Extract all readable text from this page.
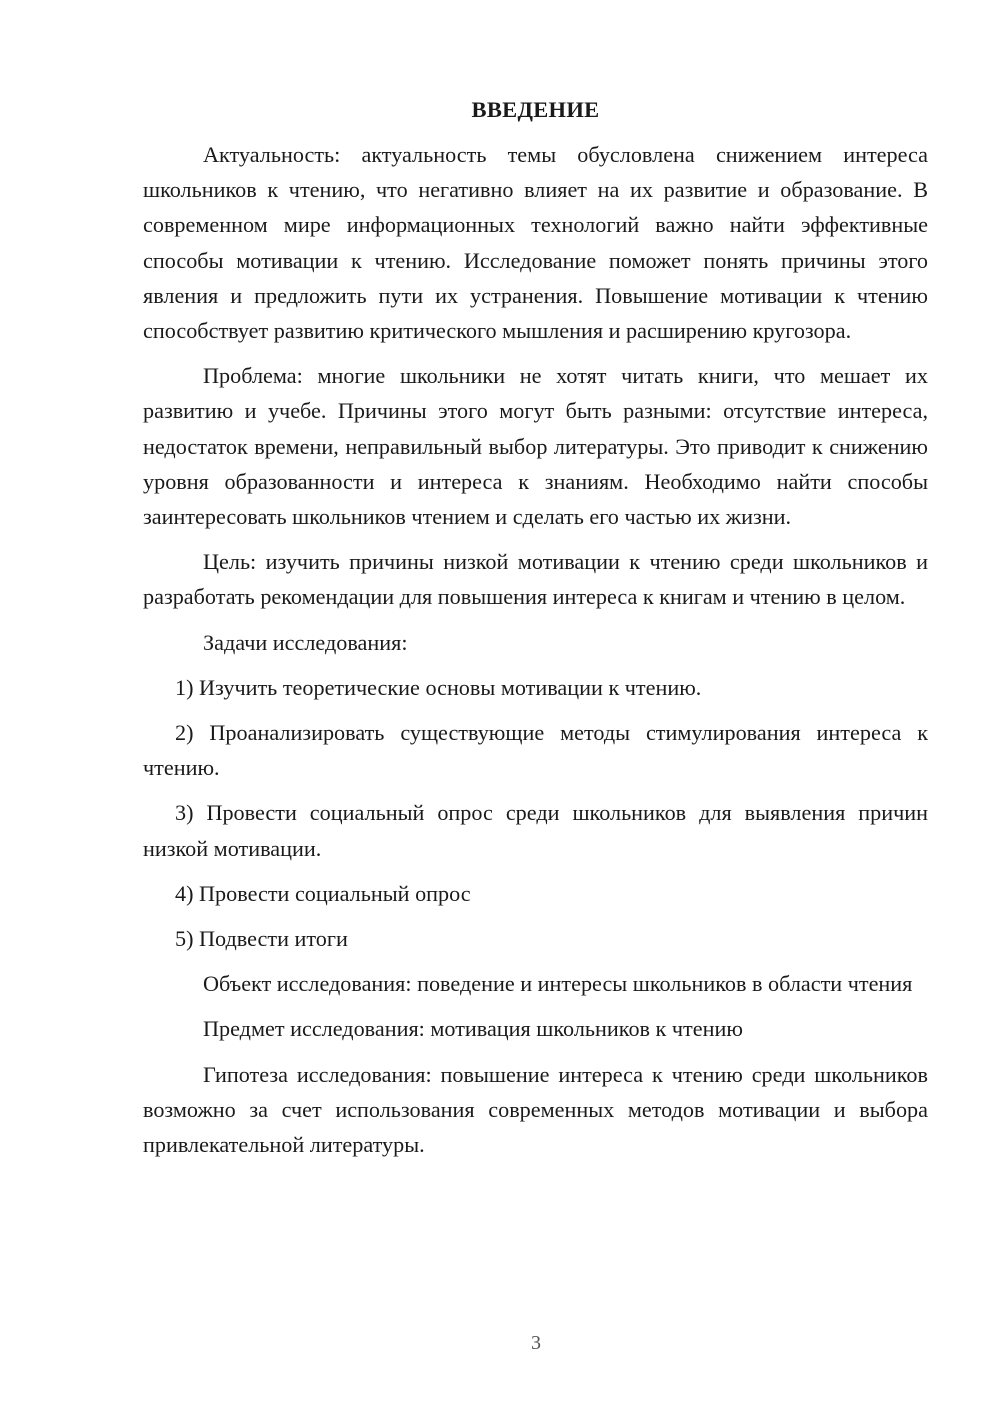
ВВЕДЕНИЕ

Актуальность: актуальность темы обусловлена снижением интереса школьников к чтению, что негативно влияет на их развитие и образование. В современном мире информационных технологий важно найти эффективные способы мотивации к чтению. Исследование поможет понять причины этого явления и предложить пути их устранения. Повышение мотивации к чтению способствует развитию критического мышления и расширению кругозора.

Проблема: многие школьники не хотят читать книги, что мешает их развитию и учебе. Причины этого могут быть разными: отсутствие интереса, недостаток времени, неправильный выбор литературы. Это приводит к снижению уровня образованности и интереса к знаниям. Необходимо найти способы заинтересовать школьников чтением и сделать его частью их жизни.

Цель: изучить причины низкой мотивации к чтению среди школьников и разработать рекомендации для повышения интереса к книгам и чтению в целом.

Задачи исследования:

1) Изучить теоретические основы мотивации к чтению.

2) Проанализировать существующие методы стимулирования интереса к чтению.

3) Провести социальный опрос среди школьников для выявления причин низкой мотивации.

4) Провести социальный опрос

5) Подвести итоги

Объект исследования: поведение и интересы школьников в области чтения

Предмет исследования: мотивация школьников к чтению

Гипотеза исследования: повышение интереса к чтению среди школьников возможно за счет использования современных методов мотивации и выбора привлекательной литературы.

3
